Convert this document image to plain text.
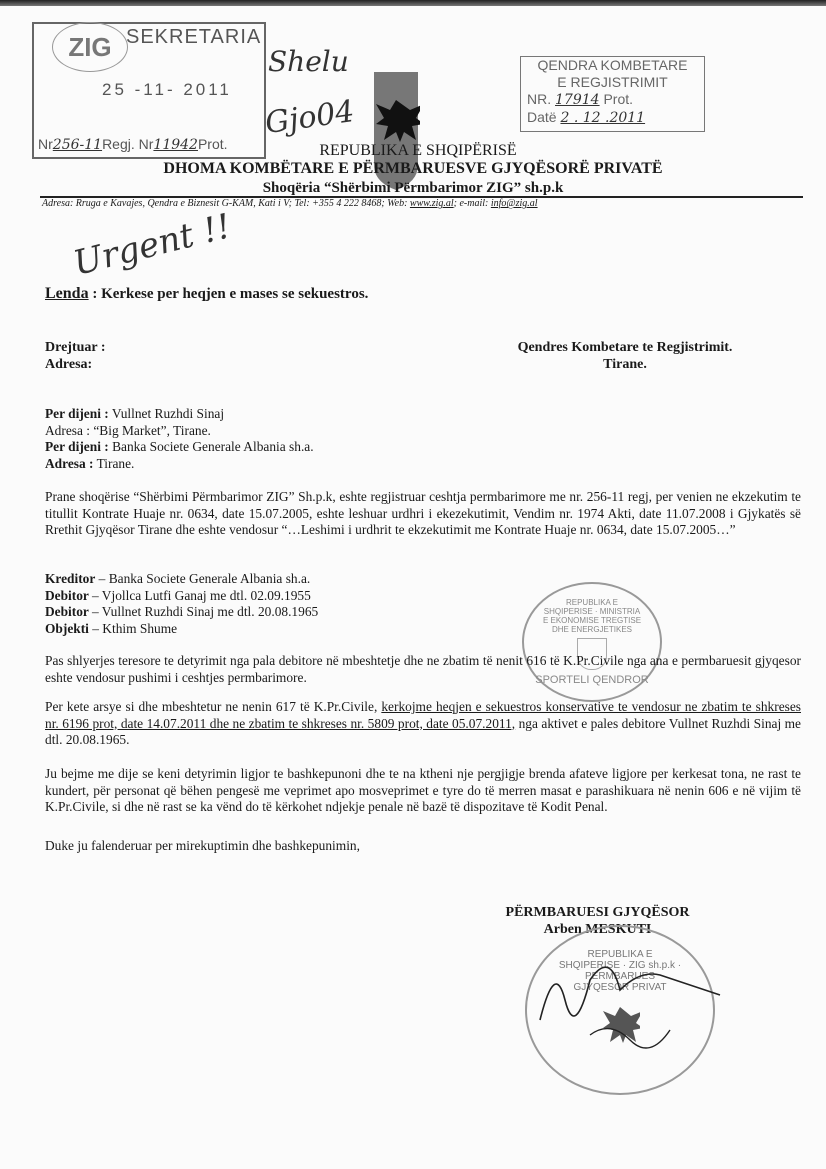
ZIG SEKRETARIA
25 -11- 2011
Nr256-11Regj. Nr11942Prot.
Shelu
Gjo04
QENDRA KOMBETARE
E REGJISTRIMIT
NR. 17914 Prot.
Datë 2 . 12 .2011
REPUBLIKA E SHQIPËRISË
DHOMA KOMBËTARE E PËRMBARUESVE GJYQËSORË PRIVATË
Shoqëria “Shërbimi Përmbarimor ZIG” sh.p.k
Adresa: Rruga e Kavajes, Qendra e Biznesit G-KAM, Kati i V; Tel: +355 4 222 8468; Web: www.zig.al; e-mail: info@zig.al
Urgent !!
Lenda : Kerkese per heqjen e mases se sekuestros.
Drejtuar :
Adresa:
Qendres Kombetare te Regjistrimit.
Tirane.
Per dijeni : Vullnet Ruzhdi Sinaj
Adresa : “Big Market”, Tirane.
Per dijeni : Banka Societe Generale Albania sh.a.
Adresa : Tirane.
Prane shoqërise “Shërbimi Përmbarimor ZIG” Sh.p.k, eshte regjistruar ceshtja permbarimore me nr. 256-11 regj, per venien ne ekzekutim te titullit Kontrate Huaje nr. 0634, date 15.07.2005, eshte leshuar urdhri i ekezekutimit, Vendim nr. 1974 Akti, date 11.07.2008 i Gjykatës së Rrethit Gjyqësor Tirane dhe eshte vendosur “…Leshimi i urdhrit te ekzekutimit me Kontrate Huaje nr. 0634, date 15.07.2005…”
Kreditor – Banka Societe Generale Albania sh.a.
Debitor – Vjollca Lutfi Ganaj me dtl. 02.09.1955
Debitor – Vullnet Ruzhdi Sinaj me dtl. 20.08.1965
Objekti – Kthim Shume
REPUBLIKA E SHQIPERISE · MINISTRIA E EKONOMISE TREGTISE DHE ENERGJETIKES
SPORTELI QENDROR
Pas shlyerjes teresore te detyrimit nga pala debitore në mbeshtetje dhe ne zbatim të nenit 616 të K.Pr.Civile nga ana e permbaruesit gjyqesor eshte vendosur pushimi i ceshtjes permbarimore.
Per kete arsye si dhe mbeshtetur ne nenin 617 të K.Pr.Civile, kerkojme heqjen e sekuestros konservative te vendosur ne zbatim te shkreses nr. 6196 prot, date 14.07.2011 dhe ne zbatim te shkreses nr. 5809 prot, date 05.07.2011, nga aktivet e pales debitore Vullnet Ruzhdi Sinaj me dtl. 20.08.1965.
Ju bejme me dije se keni detyrimin ligjor te bashkepunoni dhe te na ktheni nje pergjigje brenda afateve ligjore per kerkesat tona, ne rast te kundert, për personat që bëhen pengesë me veprimet apo mosveprimet e tyre do të merren masat e parashikuara në nenin 606 e në vijim të K.Pr.Civile, si dhe në rast se ka vënd do të kërkohet ndjekje penale në bazë të dispozitave të Kodit Penal.
Duke ju falenderuar per mirekuptimin dhe bashkepunimin,
PËRMBARUESI GJYQËSOR
Arben MESKUTI
REPUBLIKA E SHQIPERISE · ZIG sh.p.k · PERMBARUES GJYQESOR PRIVAT
